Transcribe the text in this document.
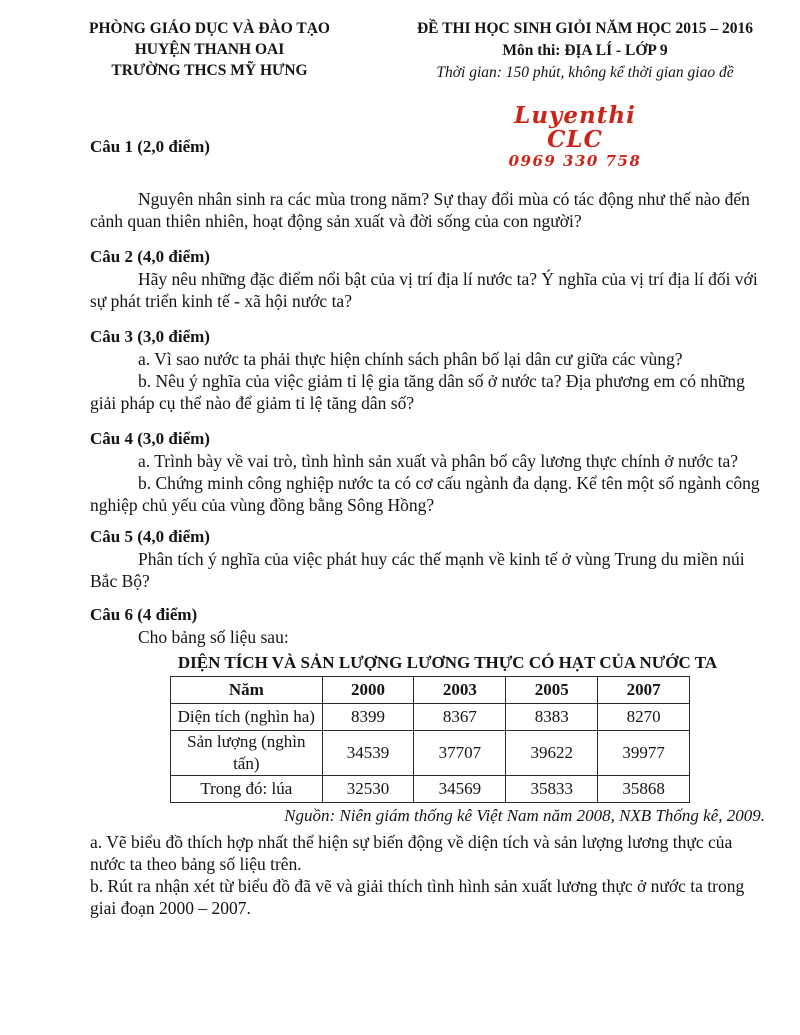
PHÒNG GIÁO DỤC VÀ ĐÀO TẠO
HUYỆN THANH OAI
TRƯỜNG THCS MỸ HƯNG
ĐỀ THI HỌC SINH GIỎI NĂM HỌC 2015 – 2016
Môn thi: ĐỊA LÍ - LỚP 9
Thời gian: 150 phút, không kể thời gian giao đề
Luyenthi CLC
0969 330 758
Câu 1 (2,0 điểm)

Nguyên nhân sinh ra các mùa trong năm? Sự thay đổi mùa có tác động như thế nào đến cảnh quan thiên nhiên, hoạt động sản xuất và đời sống của con người?

Câu 2 (4,0 điểm)

Hãy nêu những đặc điểm nổi bật của vị trí địa lí nước ta? Ý nghĩa của vị trí địa lí đối với sự phát triển kinh tế - xã hội nước ta?

Câu 3 (3,0 điểm)

a. Vì sao nước ta phải thực hiện chính sách phân bố lại dân cư giữa các vùng?

b. Nêu ý nghĩa của việc giảm tỉ lệ gia tăng dân số ở nước ta? Địa phương em có những giải pháp cụ thể nào để giảm tỉ lệ tăng dân số?

Câu 4 (3,0 điểm)

a. Trình bày về vai trò, tình hình sản xuất và phân bố cây lương thực chính ở nước ta?

b. Chứng minh công nghiệp nước ta có cơ cấu ngành đa dạng. Kể tên một số ngành công nghiệp chủ yếu của vùng đồng bằng Sông Hồng?

Câu 5 (4,0 điểm)

Phân tích ý nghĩa của việc phát huy các thế mạnh về kinh tế ở vùng Trung du miền núi Bắc Bộ?

Câu 6 (4 điểm)

Cho bảng số liệu sau:

DIỆN TÍCH VÀ SẢN LƯỢNG LƯƠNG THỰC CÓ HẠT CỦA NƯỚC TA
Năm	2000	2003	2005	2007
Diện tích (nghìn ha)	8399	8367	8383	8270
Sản lượng (nghìn tấn)	34539	37707	39622	39977
Trong đó: lúa	32530	34569	35833	35868
Nguồn: Niên giám thống kê Việt Nam năm 2008, NXB Thống kê, 2009.

a. Vẽ biểu đồ thích hợp nhất thể hiện sự biến động về diện tích và sản lượng lương thực của nước ta theo bảng số liệu trên.

b. Rút ra nhận xét từ biểu đồ đã vẽ và giải thích tình hình sản xuất lương thực ở nước ta trong giai đoạn 2000 – 2007.
